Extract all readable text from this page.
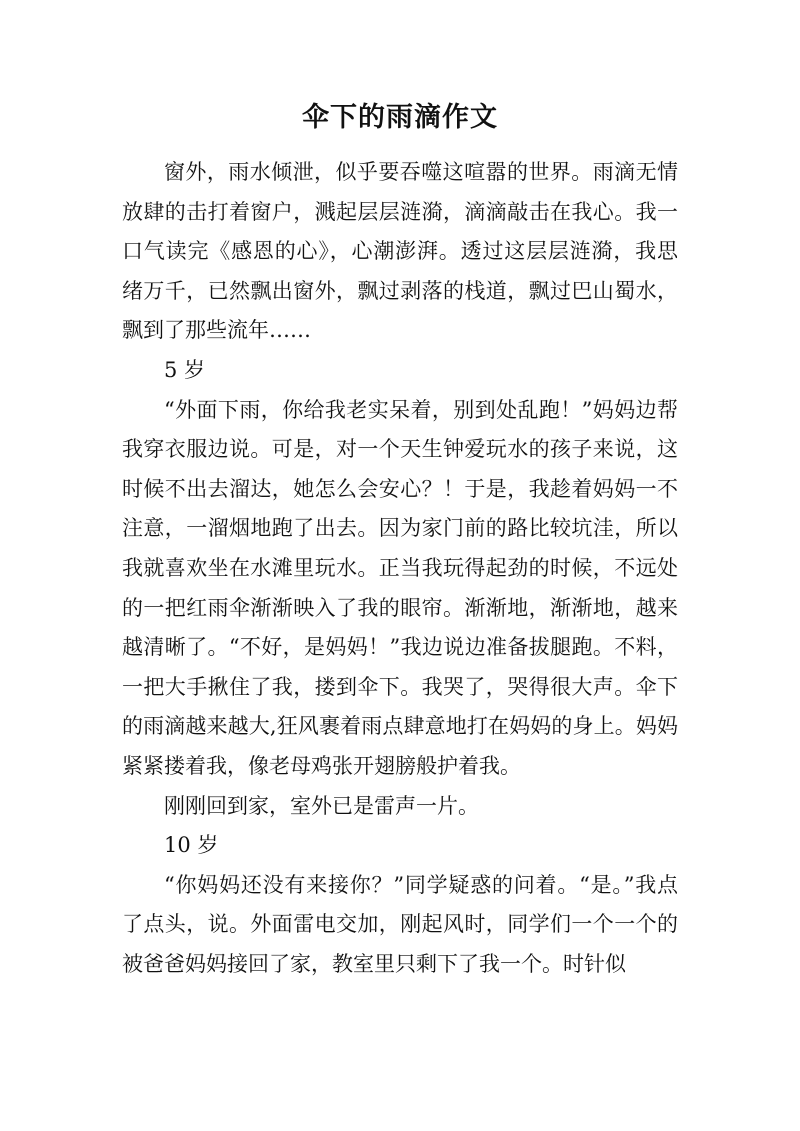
伞下的雨滴作文

窗外，雨水倾泄，似乎要吞噬这喧嚣的世界。雨滴无情放肆的击打着窗户，溅起层层涟漪，滴滴敲击在我心。我一口气读完《感恩的心》，心潮澎湃。透过这层层涟漪，我思绪万千，已然飘出窗外，飘过剥落的栈道，飘过巴山蜀水，飘到了那些流年……

5 岁

“外面下雨，你给我老实呆着，别到处乱跑！”妈妈边帮我穿衣服边说。可是，对一个天生钟爱玩水的孩子来说，这时候不出去溜达，她怎么会安心？！于是，我趁着妈妈一不注意，一溜烟地跑了出去。因为家门前的路比较坑洼，所以我就喜欢坐在水滩里玩水。正当我玩得起劲的时候，不远处的一把红雨伞渐渐映入了我的眼帘。渐渐地，渐渐地，越来越清晰了。“不好，是妈妈！”我边说边准备拔腿跑。不料，一把大手揪住了我，搂到伞下。我哭了，哭得很大声。伞下的雨滴越来越大,狂风裹着雨点肆意地打在妈妈的身上。妈妈紧紧搂着我，像老母鸡张开翅膀般护着我。

刚刚回到家，室外已是雷声一片。

10 岁

“你妈妈还没有来接你？”同学疑惑的问着。“是。”我点了点头，说。外面雷电交加，刚起风时，同学们一个一个的被爸爸妈妈接回了家，教室里只剩下了我一个。时针似
